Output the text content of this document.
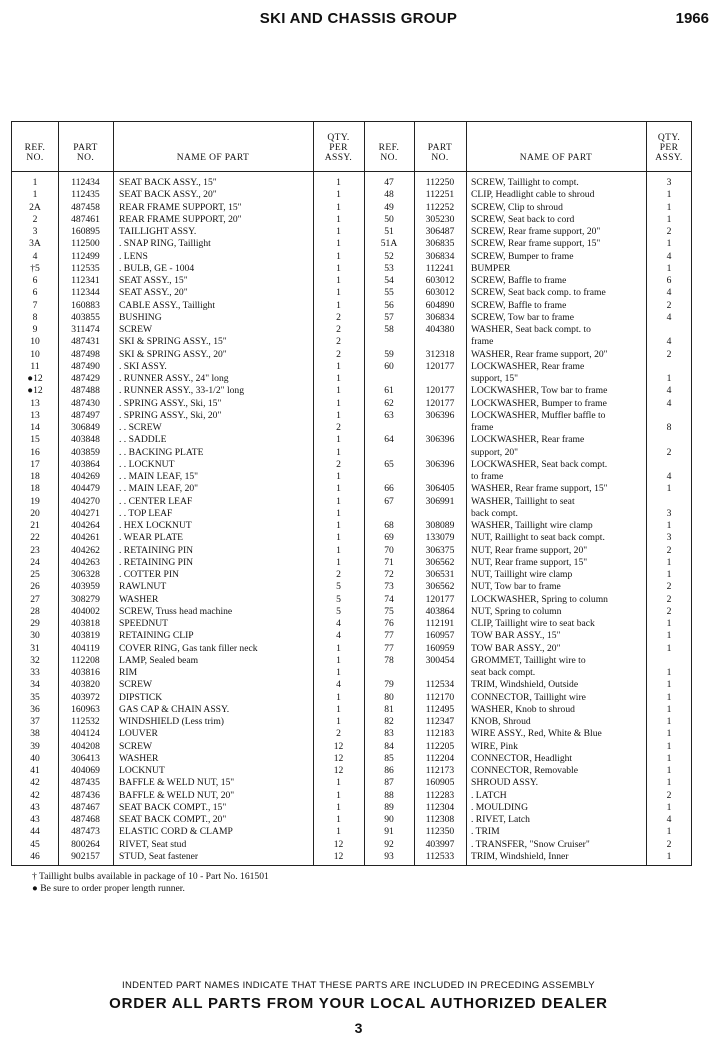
SKI AND CHASSIS GROUP	1966
REF.
NO.
PART
NO.	NAME OF PART
QTY.
PER
ASSY.
REF.
NO.
PART
NO.	NAME OF PART
QTY.
PER
ASSY.
1	112434	SEAT BACK ASSY., 15"	1
1	112435	SEAT BACK ASSY., 20"	1
2A	487458	REAR FRAME SUPPORT, 15"	1
2	487461	REAR FRAME SUPPORT, 20"	1
3	160895	TAILLIGHT ASSY.	1
3A	112500	. SNAP RING, Taillight	1
4	112499	. LENS	1
†5	112535	. BULB, GE - 1004	1
6	112341	SEAT ASSY., 15"	1
6	112344	SEAT ASSY., 20"	1
7	160883	CABLE ASSY., Taillight	1
8	403855	BUSHING	2
9	311474	SCREW	2
10	487431	SKI & SPRING ASSY., 15"	2
10	487498	SKI & SPRING ASSY., 20"	2
11	487490	. SKI ASSY.	1
●12	487429	. RUNNER ASSY., 24" long	1
●12	487488	. RUNNER ASSY., 33-1/2" long	1
13	487430	. SPRING ASSY., Ski, 15"	1
13	487497	. SPRING ASSY., Ski, 20"	1
14	306849	. . SCREW	2
15	403848	. . SADDLE	1
16	403859	. . BACKING PLATE	1
17	403864	. . LOCKNUT	2
18	404269	. . MAIN LEAF, 15"	1
18	404479	. . MAIN LEAF, 20"	1
19	404270	. . CENTER LEAF	1
20	404271	. . TOP LEAF	1
21	404264	. HEX LOCKNUT	1
22	404261	. WEAR PLATE	1
23	404262	. RETAINING PIN	1
24	404263	. RETAINING PIN	1
25	306328	. COTTER PIN	2
26	403959	RAWLNUT	5
27	308279	WASHER	5
28	404002	SCREW, Truss head machine	5
29	403818	SPEEDNUT	4
30	403819	RETAINING CLIP	4
31	404119	COVER RING, Gas tank filler neck	1
32	112208	LAMP, Sealed beam	1
33	403816	RIM	1
34	403820	SCREW	4
35	403972	DIPSTICK	1
36	160963	GAS CAP & CHAIN ASSY.	1
37	112532	WINDSHIELD (Less trim)	1
38	404124	LOUVER	2
39	404208	SCREW	12
40	306413	WASHER	12
41	404069	LOCKNUT	12
42	487435	BAFFLE & WELD NUT, 15"	1
42	487436	BAFFLE & WELD NUT, 20"	1
43	487467	SEAT BACK COMPT., 15"	1
43	487468	SEAT BACK COMPT., 20"	1
44	487473	ELASTIC CORD & CLAMP	1
45	800264	RIVET, Seat stud	12
46	902157	STUD, Seat fastener	12
47	112250	SCREW, Taillight to compt.	3
48	112251	CLIP, Headlight cable to shroud	1
49	112252	SCREW, Clip to shroud	1
50	305230	SCREW, Seat back to cord	1
51	306487	SCREW, Rear frame support, 20"	2
51A	306835	SCREW, Rear frame support, 15"	1
52	306834	SCREW, Bumper to frame	4
53	112241	BUMPER	1
54	603012	SCREW, Baffle to frame	6
55	603012	SCREW, Seat back comp. to frame	4
56	604890	SCREW, Baffle to frame	2
57	306834	SCREW, Tow bar to frame	4
58	404380	WASHER, Seat back compt. to
frame	4
59	312318	WASHER, Rear frame support, 20"	2
60	120177	LOCKWASHER, Rear frame
support, 15"	1
61	120177	LOCKWASHER, Tow bar to frame	4
62	120177	LOCKWASHER, Bumper to frame	4
63	306396	LOCKWASHER, Muffler baffle to
frame	8
64	306396	LOCKWASHER, Rear frame
support, 20"	2
65	306396	LOCKWASHER, Seat back compt.
to frame	4
66	306405	WASHER, Rear frame support, 15"	1
67	306991	WASHER, Taillight to seat
back compt.	3
68	308089	WASHER, Taillight wire clamp	1
69	133079	NUT, Raillight to seat back compt.	3
70	306375	NUT, Rear frame support, 20"	2
71	306562	NUT, Rear frame support, 15"	1
72	306531	NUT, Taillight wire clamp	1
73	306562	NUT, Tow bar to frame	2
74	120177	LOCKWASHER, Spring to column	2
75	403864	NUT, Spring to column	2
76	112191	CLIP, Taillight wire to seat back	1
77	160957	TOW BAR ASSY., 15"	1
77	160959	TOW BAR ASSY., 20"	1
78	300454	GROMMET, Taillight wire to
seat back compt.	1
79	112534	TRIM, Windshield, Outside	1
80	112170	CONNECTOR, Taillight wire	1
81	112495	WASHER, Knob to shroud	1
82	112347	KNOB, Shroud	1
83	112183	WIRE ASSY., Red, White & Blue	1
84	112205	WIRE, Pink	1
85	112204	CONNECTOR, Headlight	1
86	112173	CONNECTOR, Removable	1
87	160905	SHROUD ASSY.	1
88	112283	. LATCH	2
89	112304	. MOULDING	1
90	112308	. RIVET, Latch	4
91	112350	. TRIM	1
92	403997	. TRANSFER, "Snow Cruiser"	2
93	112533	TRIM, Windshield, Inner	1
† Taillight bulbs available in package of 10 - Part No. 161501
● Be sure to order proper length runner.
INDENTED PART NAMES INDICATE THAT THESE PARTS ARE INCLUDED IN PRECEDING ASSEMBLY
ORDER ALL PARTS FROM YOUR LOCAL AUTHORIZED DEALER
3
